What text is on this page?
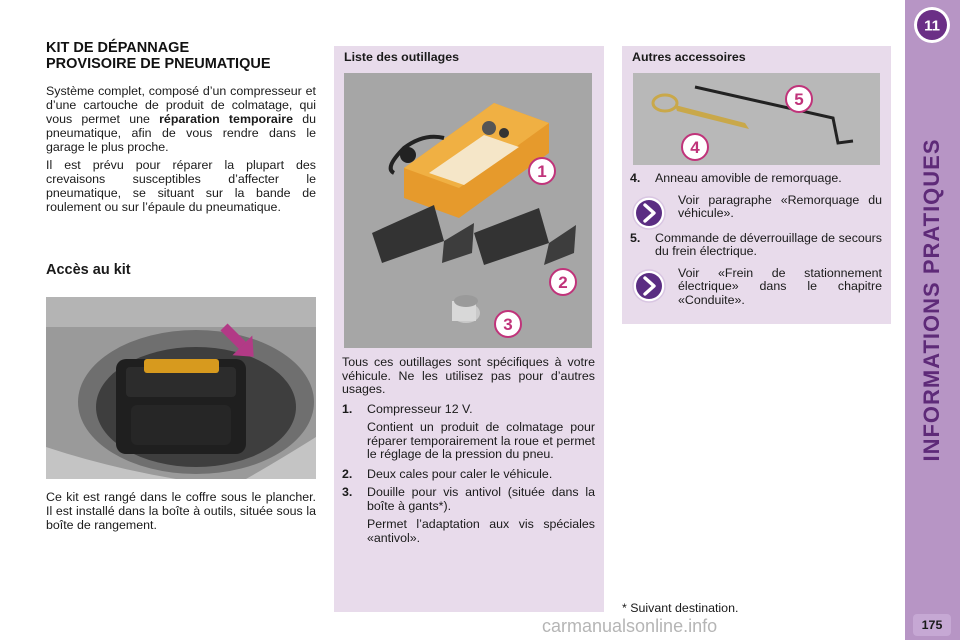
11
INFORMATIONS PRATIQUES
175
KIT DE DÉPANNAGE
PROVISOIRE DE PNEUMATIQUE

Système complet, composé d’un compresseur et d’une cartouche de produit de colmatage, qui vous permet une réparation temporaire du pneumatique, afin de vous rendre dans le garage le plus proche.

Il est prévu pour réparer la plupart des crevaisons susceptibles d’affecter le pneumatique, se situant sur la bande de roulement ou sur l’épaule du pneumatique.

Accès au kit

Ce kit est rangé dans le coffre sous le plancher. Il est installé dans la boîte à outils, située sous la boîte de rangement.

Liste des outillages
1
2
3

Tous ces outillages sont spécifiques à votre véhicule. Ne les utilisez pas pour d’autres usages.

1. Compresseur 12 V.
Contient un produit de colmatage pour réparer temporairement la roue et permet le réglage de la pression du pneu.
2. Deux cales pour caler le véhicule.
3. Douille pour vis antivol (située dans la boîte à gants*).
Permet l’adaptation aux vis spéciales «antivol».
Autres accessoires
5
4
4. Anneau amovible de remorquage.
Voir paragraphe «Remorquage du véhicule».
5. Commande de déverrouillage de secours du frein électrique.
Voir «Frein de stationnement électrique» dans le chapitre «Conduite».
* Suivant destination.
carmanualsonline.info
